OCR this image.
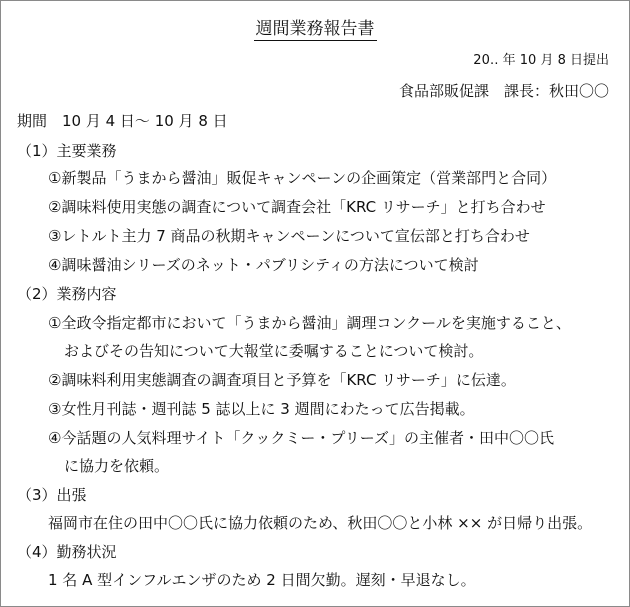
週間業務報告書
20‥ 年 10 月 8 日提出
食品部販促課　課長：秋田〇〇
期間　10 月 4 日～ 10 月 8 日
（1）主要業務
①新製品「うまから醤油」販促キャンペーンの企画策定（営業部門と合同）
②調味料使用実態の調査について調査会社「KRC リサーチ」と打ち合わせ
③レトルト主力 7 商品の秋期キャンペーンについて宣伝部と打ち合わせ
④調味醤油シリーズのネット・パブリシティの方法について検討
（2）業務内容
①全政令指定都市において「うまから醤油」調理コンクールを実施すること、
およびその告知について大報堂に委嘱することについて検討。
②調味料利用実態調査の調査項目と予算を「KRC リサーチ」に伝達。
③女性月刊誌・週刊誌 5 誌以上に 3 週間にわたって広告掲載。
④今話題の人気料理サイト「クックミー・プリーズ」の主催者・田中〇〇氏
に協力を依頼。
（3）出張
福岡市在住の田中〇〇氏に協力依頼のため、秋田〇〇と小林 ×× が日帰り出張。
（4）勤務状況
1 名 A 型インフルエンザのため 2 日間欠勤。遅刻・早退なし。
